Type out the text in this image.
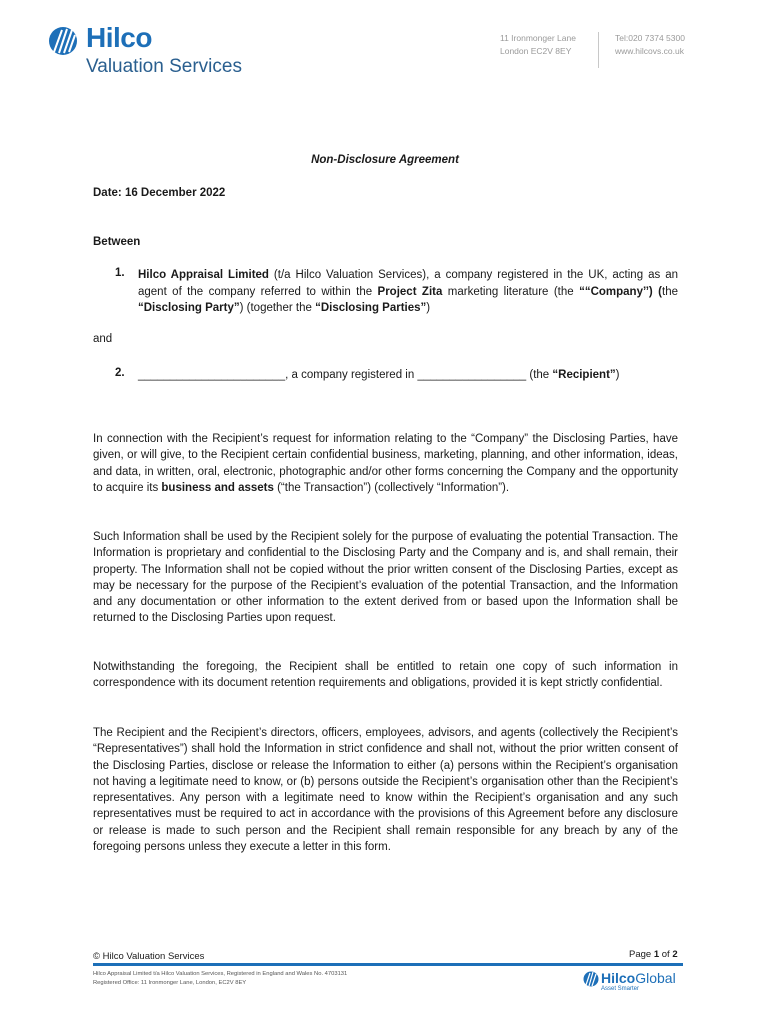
Hilco
Valuation Services
11 Ironmonger Lane
London EC2V 8EY
Tel:020 7374 5300
www.hilcovs.co.uk
Non-Disclosure Agreement
Date: 16 December 2022
Between
1. Hilco Appraisal Limited (t/a Hilco Valuation Services), a company registered in the UK, acting as an agent of the company referred to within the Project Zita marketing literature (the ““Company’’) (the “Disclosing Party”) (together the “Disclosing Parties”)
and
2. _______________________, a company registered in _________________ (the “Recipient”)

In connection with the Recipient’s request for information relating to the “Company” the Disclosing Parties, have given, or will give, to the Recipient certain confidential business, marketing, planning, and other information, ideas, and data, in written, oral, electronic, photographic and/or other forms concerning the Company and the opportunity to acquire its business and assets (“the Transaction”) (collectively “Information”).

Such Information shall be used by the Recipient solely for the purpose of evaluating the potential Transaction. The Information is proprietary and confidential to the Disclosing Party and the Company and is, and shall remain, their property. The Information shall not be copied without the prior written consent of the Disclosing Parties, except as may be necessary for the purpose of the Recipient’s evaluation of the potential Transaction, and the Information and any documentation or other information to the extent derived from or based upon the Information shall be returned to the Disclosing Parties upon request.

Notwithstanding the foregoing, the Recipient shall be entitled to retain one copy of such information in correspondence with its document retention requirements and obligations, provided it is kept strictly confidential.

The Recipient and the Recipient’s directors, officers, employees, advisors, and agents (collectively the Recipient’s “Representatives”) shall hold the Information in strict confidence and shall not, without the prior written consent of the Disclosing Parties, disclose or release the Information to either (a) persons within the Recipient’s organisation not having a legitimate need to know, or (b) persons outside the Recipient’s organisation other than the Recipient’s representatives. Any person with a legitimate need to know within the Recipient’s organisation and any such representatives must be required to act in accordance with the provisions of this Agreement before any disclosure or release is made to such person and the Recipient shall remain responsible for any breach by any of the foregoing persons unless they execute a letter in this form.

© Hilco Valuation Services	Page 1 of 2
Hilco Appraisal Limited t/a Hilco Valuation Services, Registered in England and Wales No. 4703131
Registered Office: 11 Ironmonger Lane, London, EC2V 8EY	HilcoGlobal
Asset Smarter
